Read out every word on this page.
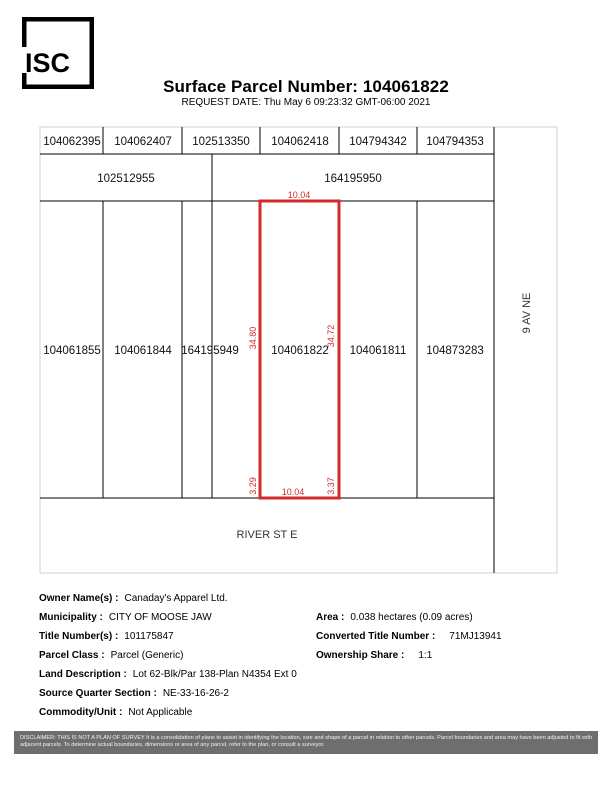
ISC
Surface Parcel Number: 104061822
REQUEST DATE: Thu May 6 09:23:32 GMT-06:00 2021
104062395 104062407 102513350 104062418 104794342 104794353
102512955	164195950
104061855 104061844 164195949	104061822 104061811 104873283
RIVER ST E
9 AV NE
10.04
10.04
34.80	34.72
3.29	3.37
Owner Name(s) : Canaday's Apparel Ltd.
Municipality : CITY OF MOOSE JAW	Area : 0.038 hectares (0.09 acres)
Title Number(s) : 101175847	Converted Title Number : 71MJ13941
Parcel Class : Parcel (Generic)	Ownership Share : 1:1
Land Description : Lot 62-Blk/Par 138-Plan N4354 Ext 0
Source Quarter Section : NE-33-16-26-2
Commodity/Unit : Not Applicable
DISCLAIMER: THIS IS NOT A PLAN OF SURVEY It is a consolidation of plans to assist in identifying the location, size and shape of a parcel in relation to other parcels. Parcel boundaries and area may have been adjusted to fit with adjacent parcels. To determine actual boundaries, dimensions or area of any parcel, refer to the plan, or consult a surveyor.
